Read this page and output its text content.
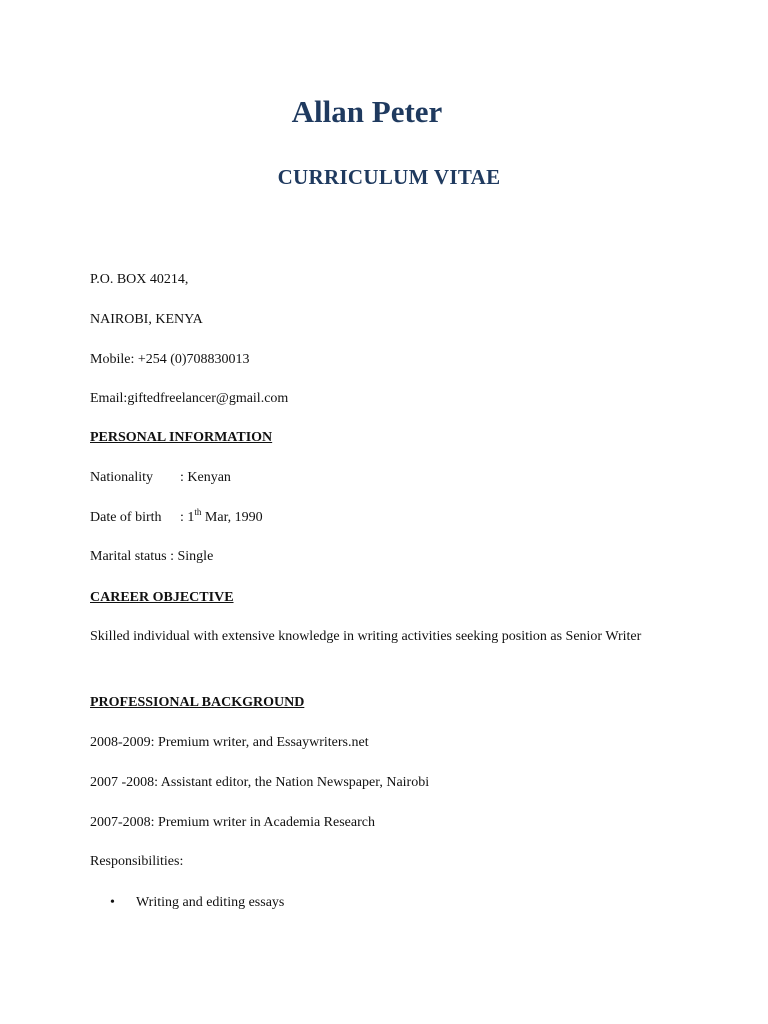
Allan Peter
CURRICULUM VITAE
P.O. BOX 40214,
NAIROBI, KENYA
Mobile: +254 (0)708830013
Email:giftedfreelancer@gmail.com
PERSONAL INFORMATION
Nationality : Kenyan
Date of birth : 1th Mar, 1990
Marital status : Single
CAREER OBJECTIVE
Skilled individual with extensive knowledge in writing activities seeking position as Senior Writer
PROFESSIONAL BACKGROUND
2008-2009: Premium writer, and Essaywriters.net
2007 -2008: Assistant editor, the Nation Newspaper, Nairobi
2007-2008: Premium writer in Academia Research
Responsibilities:
• Writing and editing essays
